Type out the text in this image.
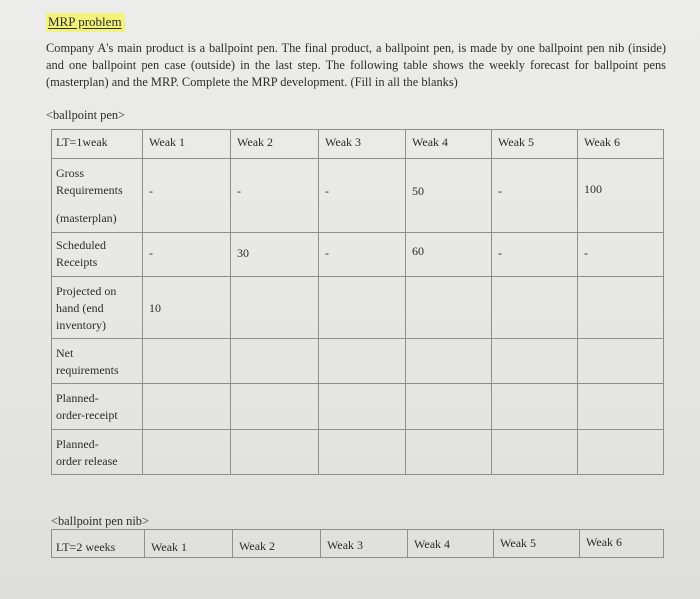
MRP problem

Company A's main product is a ballpoint pen. The final product, a ballpoint pen, is made by one ballpoint pen nib (inside) and one ballpoint pen case (outside) in the last step. The following table shows the weekly forecast for ballpoint pens (masterplan) and the MRP. Complete the MRP development. (Fill in all the blanks)

<ballpoint pen>
LT=1weak	Weak 1	Weak 2	Weak 3	Weak 4	Weak 5	Weak 6

Gross
Requirements
(masterplan)	-	-	-	50	-	100

Scheduled
Receipts	-	30	-	60	-	-

Projected on
hand (end
inventory)	10					

Net
requirements						

Planned-
order-receipt						

Planned-
order release						

<ballpoint pen nib>
LT=2 weeks	Weak 1	Weak 2	Weak 3	Weak 4	Weak 5	Weak 6
